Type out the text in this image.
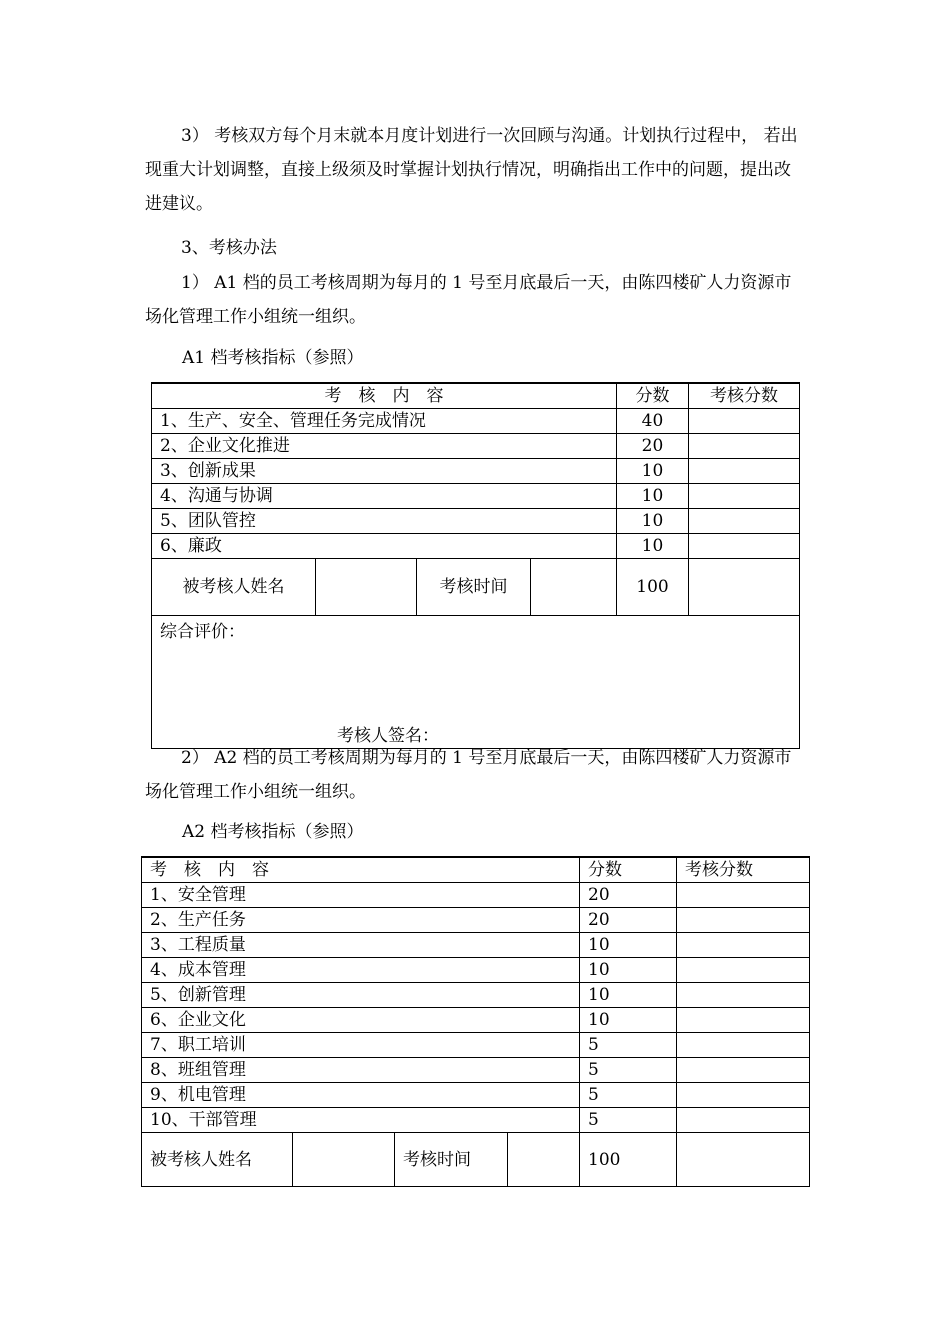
3） 考核双方每个月末就本月度计划进行一次回顾与沟通。计划执行过程中， 若出现重大计划调整，直接上级须及时掌握计划执行情况，明确指出工作中的问题，提出改进建议。

3、考核办法

1） A1 档的员工考核周期为每月的 1 号至月底最后一天，由陈四楼矿人力资源市场化管理工作小组统一组织。

A1 档考核指标（参照）
考　核　内　容				分数	考核分数
1、生产、安全、管理任务完成情况				40	
2、企业文化推进				20	
3、创新成果				10	
4、沟通与协调				10	
5、团队管控				10	
6、廉政				10	
被考核人姓名		考核时间		100	
综合评价：
考核人签名：					

2） A2 档的员工考核周期为每月的 1 号至月底最后一天，由陈四楼矿人力资源市场化管理工作小组统一组织。

A2 档考核指标（参照）
考　核　内　容				分数	考核分数
1、安全管理				20	
2、生产任务				20	
3、工程质量				10	
4、成本管理				10	
5、创新管理				10	
6、企业文化				10	
7、职工培训				5	
8、班组管理				5	
9、机电管理				5	
10、干部管理				5	
被考核人姓名		考核时间		100	
